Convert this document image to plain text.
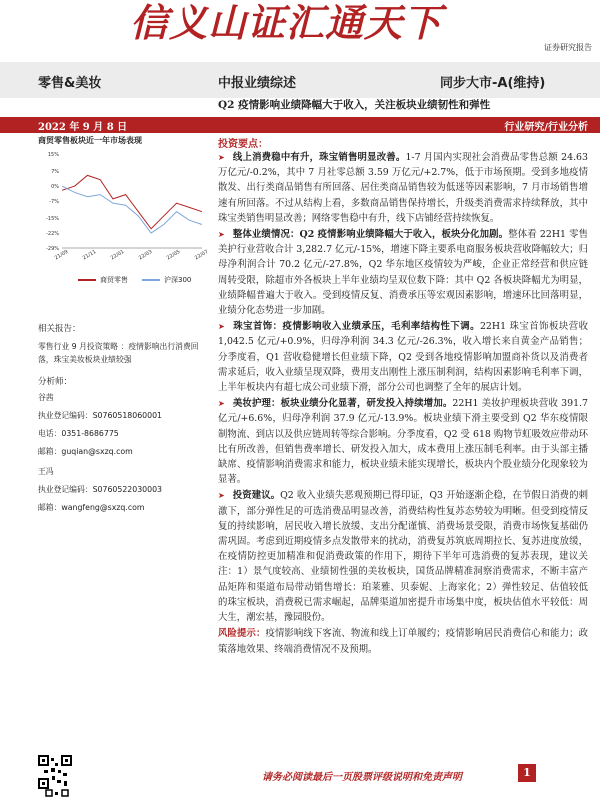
信义山证汇通天下
证券研究报告
零售&美妆	中报业绩综述	同步大市-A(维持)
Q2 疫情影响业绩降幅大于收入，关注板块业绩韧性和弹性
2022 年 9 月 8 日	行业研究/行业分析
商贸零售板块近一年市场表现
15%
7%
0%
-7%
-15%
-22%
-29%
21/09	21/11	22/01	22/03	22/05	22/07
商贸零售	沪深300
相关报告：
零售行业 9 月投资策略 ：疫情影响出行消费回落，珠宝美妆板块业绩较强
分析师：
谷茜
执业登记编码：S0760518060001
电话：0351-8686775
邮箱：guqian@sxzq.com
王冯
执业登记编码：S0760522030003
邮箱：wangfeng@sxzq.com
投资要点：

➤ 线上消费稳中有升，珠宝销售明显改善。1-7 月国内实现社会消费品零售总额 24.63 万亿元/-0.2%，其中 7 月社零总额 3.59 万亿元/+2.7%，低于市场预期。受到多地疫情散发、出行类商品销售有所回落、居住类商品销售较为低迷等因素影响，7 月市场销售增速有所回落。不过从结构上看，多数商品销售保持增长，升级类消费需求持续释放，其中珠宝类销售明显改善；网络零售稳中有升，线下店铺经营持续恢复。

➤ 整体业绩情况：Q2 疫情影响业绩降幅大于收入，板块分化加剧。整体看 22H1 零售美护行业营收合计 3,282.7 亿元/-15%，增速下降主要系电商服务板块营收降幅较大；归母净利润合计 70.2 亿元/-27.8%，Q2 华东地区疫情较为严峻，企业正常经营和供应链周转受限，除超市外各板块上半年业绩均呈双位数下降：其中 Q2 各板块降幅尤为明显，业绩降幅普遍大于收入。受到疫情反复、消费承压等宏观因素影响，增速环比回落明显，业绩分化态势进一步加剧。

➤ 珠宝首饰：疫情影响收入业绩承压，毛利率结构性下调。22H1 珠宝首饰板块营收 1,042.5 亿元/+0.9%，归母净利润 34.3 亿元/-26.3%，收入增长来自黄金产品销售；分季度看，Q1 营收稳健增长但业绩下降，Q2 受到各地疫情影响加盟商补货以及消费者需求延后，收入业绩呈现双降，费用支出刚性上涨压制利润，结构因素影响毛利率下调，上半年板块内有超七成公司业绩下滑，部分公司也调整了全年的展店计划。

➤ 美妆护理：板块业绩分化显著，研发投入持续增加。22H1 美妆护理板块营收 391.7 亿元/+6.6%，归母净利润 37.9 亿元/-13.9%。板块业绩下滑主要受到 Q2 华东疫情限制物流、到店以及供应链周转等综合影响。分季度看，Q2 受 618 购物节虹吸效应带动环比有所改善，但销售费率增长、研发投入加大，成本费用上涨压制毛利率。由于头部主播缺席、疫情影响消费需求和能力，板块业绩未能实现增长，板块内个股业绩分化现象较为显著。

➤ 投资建议。Q2 收入业绩失恶观预期已得印证，Q3 开始逐渐企稳，在节假日消费的刺激下，部分弹性足的可选消费品明显改善，消费结构性复苏态势较为明晰。但受到疫情反复的持续影响，居民收入增长放缓、支出分配谨慎、消费场景受限，消费市场恢复基础仍需巩固。考虑到近期疫情多点发散带来的扰动，消费复苏筑底周期拉长、复苏进度放缓，在疫情防控更加精准和促消费政策的作用下，期待下半年可选消费的复苏表现，建议关注：1）景气度较高、业绩韧性强的美妆板块，国货品牌精准洞察消费需求，不断丰富产品矩阵和渠道布局带动销售增长：珀莱雅、贝泰妮、上海家化；2）弹性较足、估值较低的珠宝板块，消费税已需求崛起，品牌渠道加密提升市场集中度，板块估值水平较低：周大生，潮宏基，豫园股份。

风险提示：疫情影响线下客流、物流和线上订单履约；疫情影响居民消费信心和能力；政策落地效果、终端消费情况不及预期。

请务必阅读最后一页股票评级说明和免责声明	1
